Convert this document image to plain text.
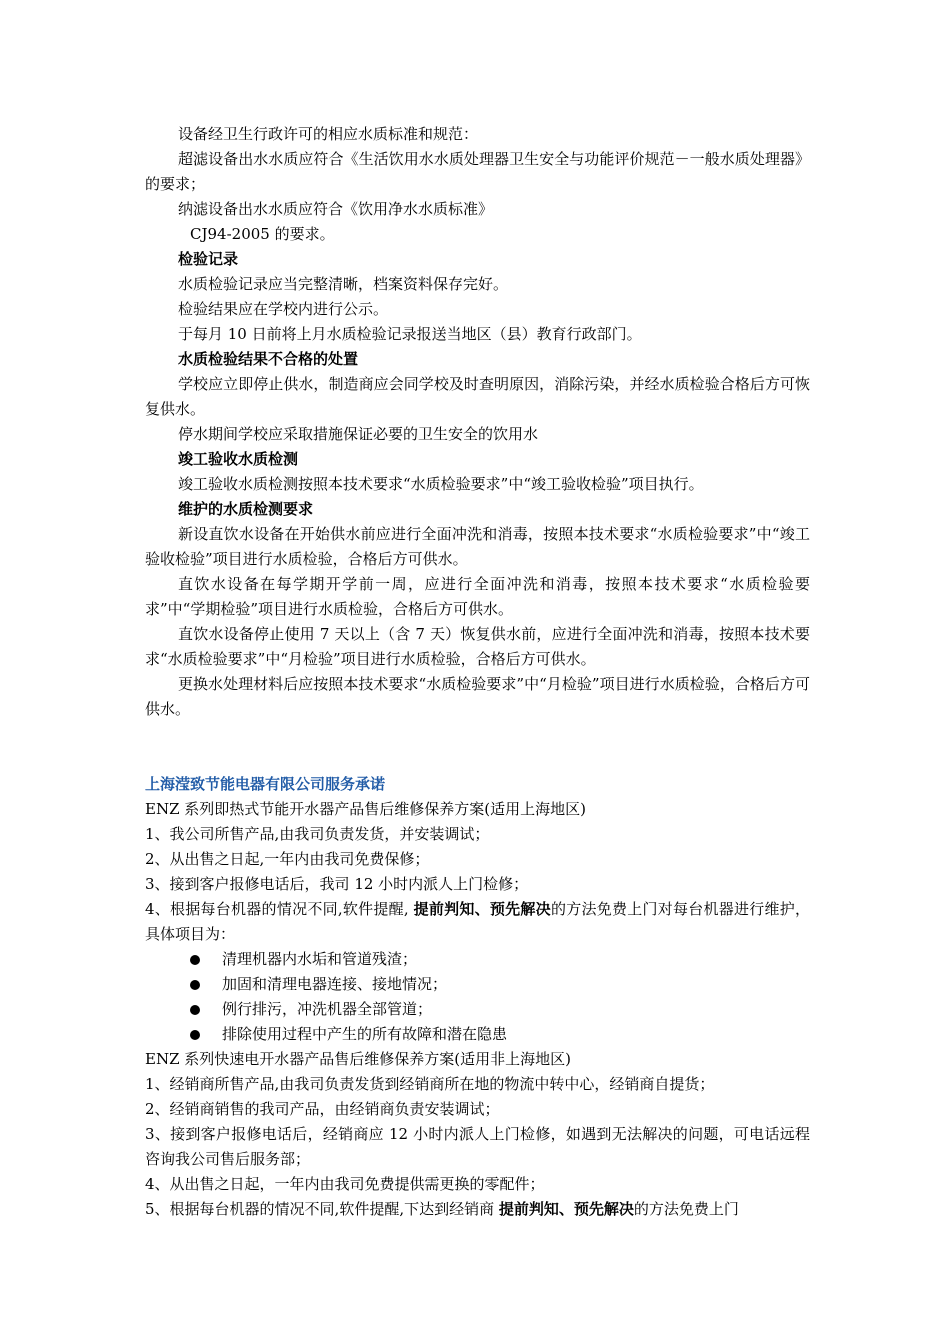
设备经卫生行政许可的相应水质标准和规范：
超滤设备出水水质应符合《生活饮用水水质处理器卫生安全与功能评价规范－一般水质处理器》的要求；
纳滤设备出水水质应符合《饮用净水水质标准》
CJ94-2005 的要求。
检验记录
水质检验记录应当完整清晰，档案资料保存完好。
检验结果应在学校内进行公示。
于每月 10 日前将上月水质检验记录报送当地区（县）教育行政部门。
水质检验结果不合格的处置
学校应立即停止供水，制造商应会同学校及时查明原因，消除污染，并经水质检验合格后方可恢复供水。
停水期间学校应采取措施保证必要的卫生安全的饮用水
竣工验收水质检测
竣工验收水质检测按照本技术要求“水质检验要求”中“竣工验收检验”项目执行。
维护的水质检测要求
新设直饮水设备在开始供水前应进行全面冲洗和消毒，按照本技术要求“水质检验要求”中“竣工验收检验”项目进行水质检验，合格后方可供水。
直饮水设备在每学期开学前一周，应进行全面冲洗和消毒，按照本技术要求“水质检验要求”中“学期检验”项目进行水质检验，合格后方可供水。
直饮水设备停止使用 7 天以上（含 7 天）恢复供水前，应进行全面冲洗和消毒，按照本技术要求“水质检验要求”中“月检验”项目进行水质检验，合格后方可供水。
更换水处理材料后应按照本技术要求“水质检验要求”中“月检验”项目进行水质检验，合格后方可供水。
上海滢致节能电器有限公司服务承诺
ENZ 系列即热式节能开水器产品售后维修保养方案(适用上海地区)
1、我公司所售产品,由我司负责发货，并安装调试；
2、从出售之日起,一年内由我司免费保修；
3、接到客户报修电话后，我司 12 小时内派人上门检修；
4、根据每台机器的情况不同,软件提醒, 提前判知、预先解决的方法免费上门对每台机器进行维护，具体项目为：
清理机器内水垢和管道残渣；
加固和清理电器连接、接地情况；
例行排污，冲洗机器全部管道；
排除使用过程中产生的所有故障和潜在隐患
ENZ 系列快速电开水器产品售后维修保养方案(适用非上海地区)
1、经销商所售产品,由我司负责发货到经销商所在地的物流中转中心，经销商自提货；
2、经销商销售的我司产品，由经销商负责安装调试；
3、接到客户报修电话后，经销商应 12 小时内派人上门检修，如遇到无法解决的问题，可电话远程咨询我公司售后服务部；
4、从出售之日起，一年内由我司免费提供需更换的零配件；
5、根据每台机器的情况不同,软件提醒,下达到经销商 提前判知、预先解决的方法免费上门
